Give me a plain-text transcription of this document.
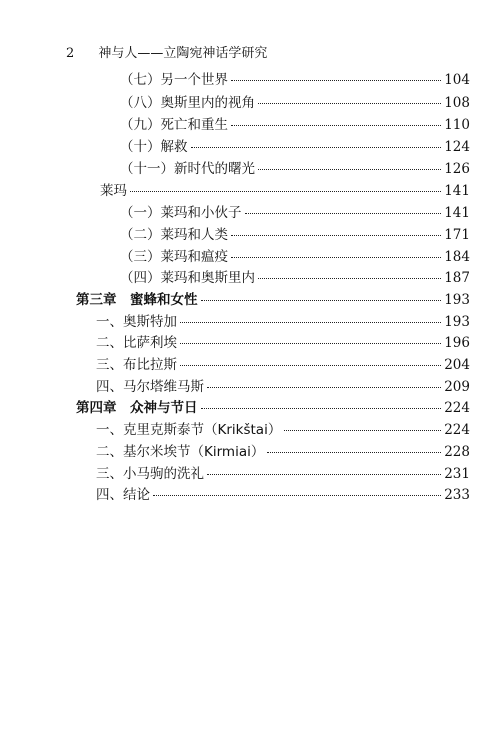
2 神与人——立陶宛神话学研究
（七）另一个世界	104
（八）奥斯里内的视角	108
（九）死亡和重生	110
（十）解救	124
（十一）新时代的曙光	126
莱玛	141
（一）莱玛和小伙子	141
（二）莱玛和人类	171
（三）莱玛和瘟疫	184
（四）莱玛和奥斯里内	187
第三章　蜜蜂和女性	193
一、奥斯特加	193
二、比萨利埃	196
三、布比拉斯	204
四、马尔塔维马斯	209
第四章　众神与节日	224
一、克里克斯泰节（Krikštai）	224
二、基尔米埃节（Kirmiai）	228
三、小马驹的洗礼	231
四、结论	233
